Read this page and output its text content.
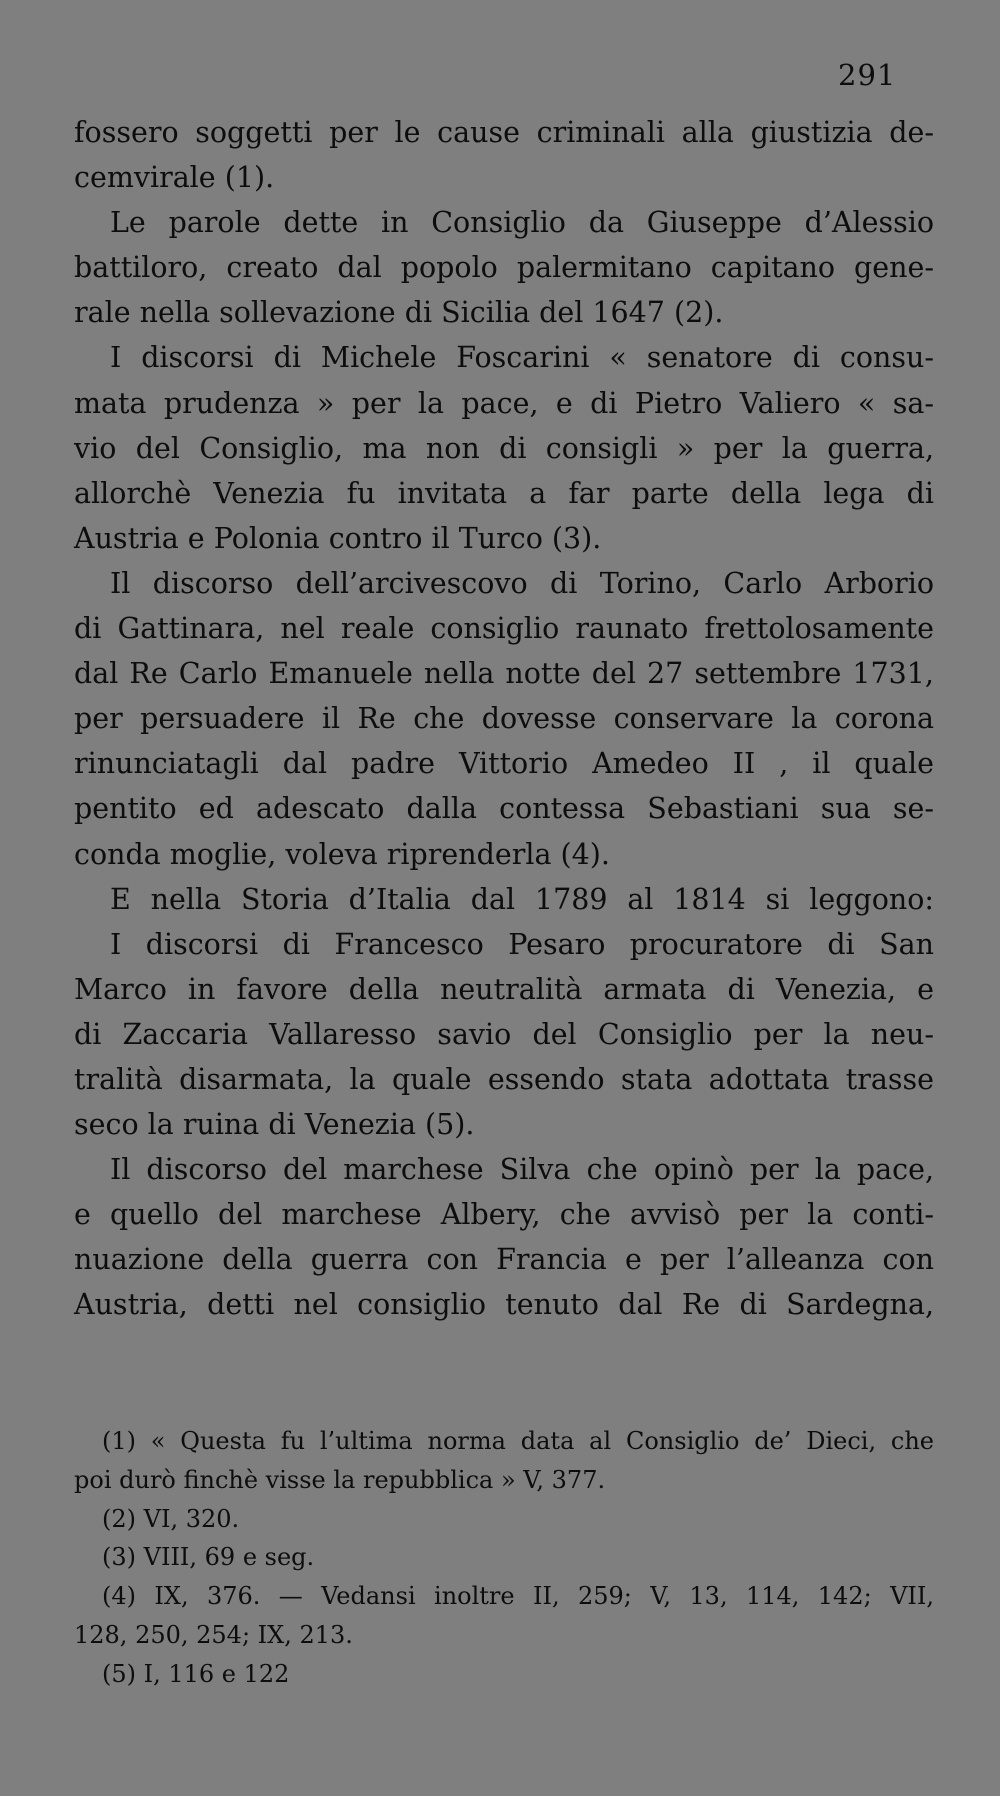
291
fossero soggetti per le cause criminali alla giustizia de-
cemvirale (1).
Le parole dette in Consiglio da Giuseppe d’Alessio
battiloro, creato dal popolo palermitano capitano gene-
rale nella sollevazione di Sicilia del 1647 (2).
I discorsi di Michele Foscarini « senatore di consu-
mata prudenza » per la pace, e di Pietro Valiero « sa-
vio del Consiglio, ma non di consigli » per la guerra,
allorchè Venezia fu invitata a far parte della lega di
Austria e Polonia contro il Turco (3).
Il discorso dell’arcivescovo di Torino, Carlo Arborio
di Gattinara, nel reale consiglio raunato frettolosamente
dal Re Carlo Emanuele nella notte del 27 settembre 1731,
per persuadere il Re che dovesse conservare la corona
rinunciatagli dal padre Vittorio Amedeo II , il quale
pentito ed adescato dalla contessa Sebastiani sua se-
conda moglie, voleva riprenderla (4).
E nella Storia d’Italia dal 1789 al 1814 si leggono:
I discorsi di Francesco Pesaro procuratore di San
Marco in favore della neutralità armata di Venezia, e
di Zaccaria Vallaresso savio del Consiglio per la neu-
tralità disarmata, la quale essendo stata adottata trasse
seco la ruina di Venezia (5).
Il discorso del marchese Silva che opinò per la pace,
e quello del marchese Albery, che avvisò per la conti-
nuazione della guerra con Francia e per l’alleanza con
Austria, detti nel consiglio tenuto dal Re di Sardegna,
(1) « Questa fu l’ultima norma data al Consiglio de’ Dieci, che
poi durò finchè visse la repubblica » V, 377.
(2) VI, 320.
(3) VIII, 69 e seg.
(4) IX, 376. — Vedansi inoltre II, 259; V, 13, 114, 142; VII,
128, 250, 254; IX, 213.
(5) I, 116 e 122
